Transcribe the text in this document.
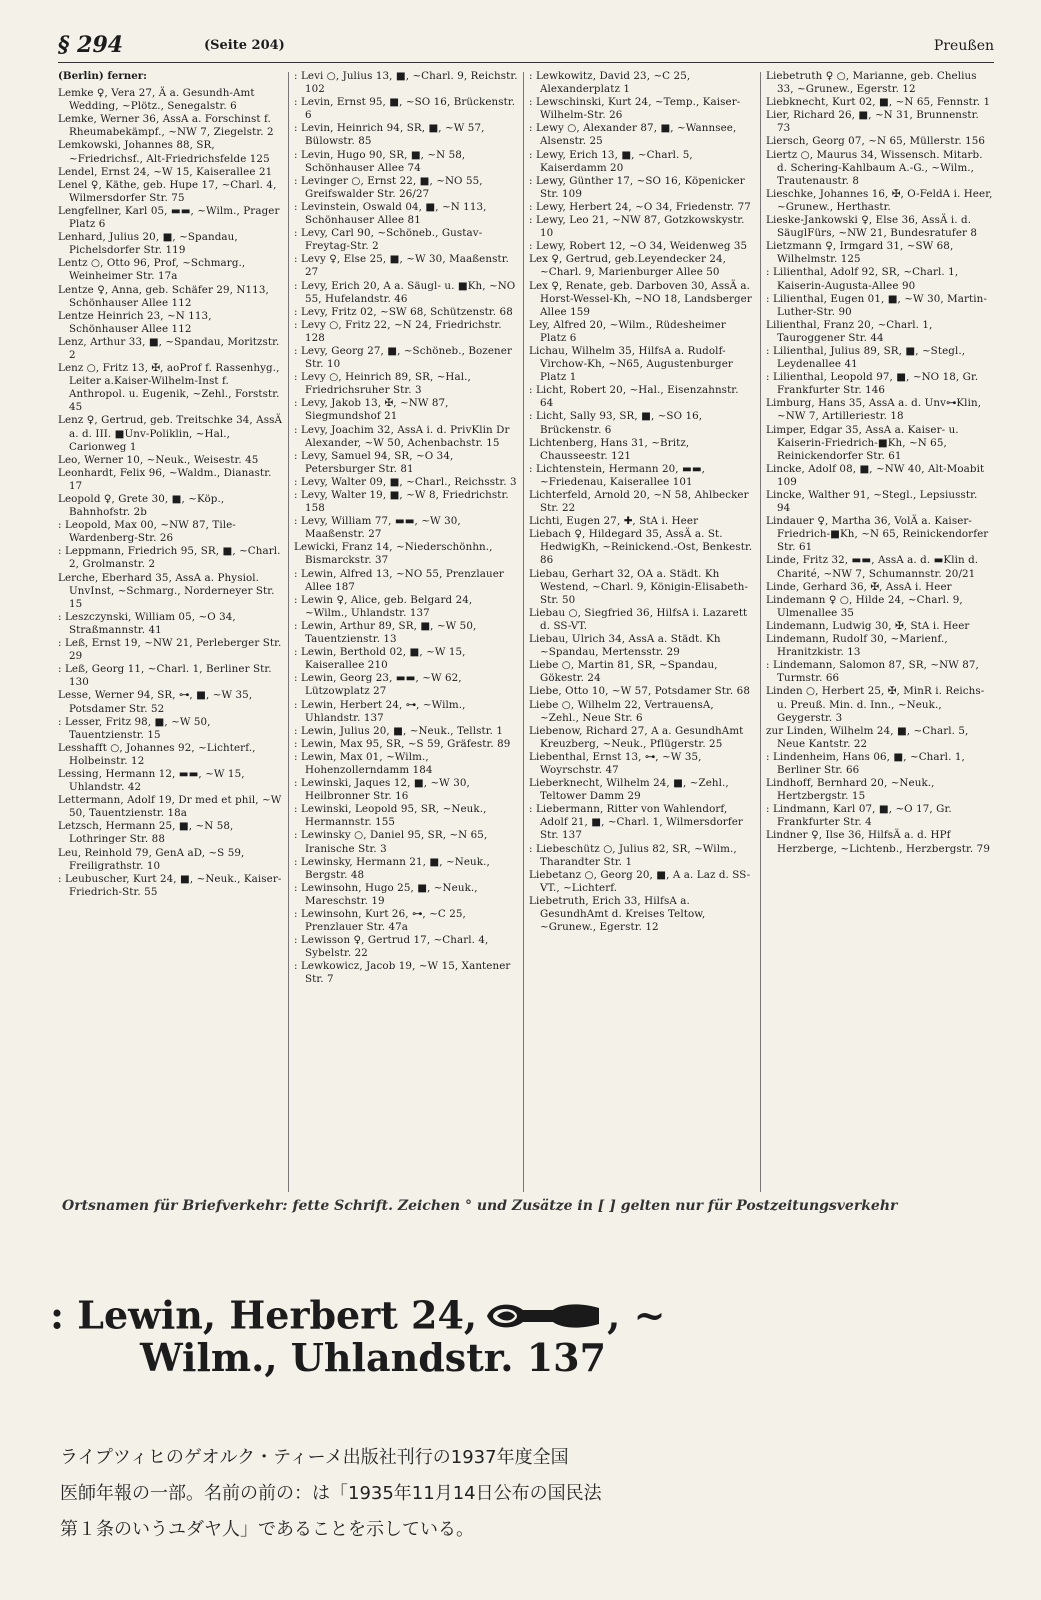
§ 294	(Seite 204)	Preußen
(Berlin) ferner:

Lemke ♀, Vera 27, Ä a. Gesundh-Amt Wedding, ~Plötz., Senegalstr. 6

Lemke, Werner 36, AssA a. Forschinst f. Rheumabekämpf., ~NW 7, Ziegelstr. 2

Lemkowski, Johannes 88, SR, ~Friedrichsf., Alt-Friedrichsfelde 125

Lendel, Ernst 24, ~W 15, Kaiserallee 21

Lenel ♀, Käthe, geb. Hupe 17, ~Charl. 4, Wilmersdorfer Str. 75

Lengfellner, Karl 05, ▬▬, ~Wilm., Prager Platz 6

Lenhard, Julius 20, ■, ~Spandau, Pichelsdorfer Str. 119

Lentz ○, Otto 96, Prof, ~Schmarg., Weinheimer Str. 17a

Lentze ♀, Anna, geb. Schäfer 29, N113, Schönhauser Allee 112

Lentze Heinrich 23, ~N 113, Schönhauser Allee 112

Lenz, Arthur 33, ■, ~Spandau, Moritzstr. 2

Lenz ○, Fritz 13, ✠, aoProf f. Rassenhyg., Leiter a.Kaiser-Wilhelm-Inst f. Anthropol. u. Eugenik, ~Zehl., Forststr. 45

Lenz ♀, Gertrud, geb. Treitschke 34, AssÄ a. d. III. ■Unv-Poliklin, ~Hal., Carionweg 1

Leo, Werner 10, ~Neuk., Weisestr. 45

Leonhardt, Felix 96, ~Waldm., Dianastr. 17

Leopold ♀, Grete 30, ■, ~Köp., Bahnhofstr. 2b

: Leopold, Max 00, ~NW 87, Tile-Wardenberg-Str. 26

: Leppmann, Friedrich 95, SR, ■, ~Charl. 2, Grolmanstr. 2

Lerche, Eberhard 35, AssA a. Physiol. UnvInst, ~Schmarg., Norderneyer Str. 15

: Leszczynski, William 05, ~O 34, Straßmannstr. 41

: Leß, Ernst 19, ~NW 21, Perleberger Str. 29

: Leß, Georg 11, ~Charl. 1, Berliner Str. 130

Lesse, Werner 94, SR, ⊶, ■, ~W 35, Potsdamer Str. 52

: Lesser, Fritz 98, ■, ~W 50, Tauentzienstr. 15

Lesshafft ○, Johannes 92, ~Lichterf., Holbeinstr. 12

Lessing, Hermann 12, ▬▬, ~W 15, Uhlandstr. 42

Lettermann, Adolf 19, Dr med et phil, ~W 50, Tauentzienstr. 18a

Letzsch, Hermann 25, ■, ~N 58, Lothringer Str. 88

Leu, Reinhold 79, GenA aD, ~S 59, Freiligrathstr. 10

: Leubuscher, Kurt 24, ■, ~Neuk., Kaiser-Friedrich-Str. 55

: Levi ○, Julius 13, ■, ~Charl. 9, Reichstr. 102

: Levin, Ernst 95, ■, ~SO 16, Brückenstr. 6

: Levin, Heinrich 94, SR, ■, ~W 57, Bülowstr. 85

: Levin, Hugo 90, SR, ■, ~N 58, Schönhauser Allee 74

: Levinger ○, Ernst 22, ■, ~NO 55, Greifswalder Str. 26/27

: Levinstein, Oswald 04, ■, ~N 113, Schönhauser Allee 81

: Levy, Carl 90, ~Schöneb., Gustav-Freytag-Str. 2

: Levy ♀, Else 25, ■, ~W 30, Maaßenstr. 27

: Levy, Erich 20, A a. Säugl- u. ■Kh, ~NO 55, Hufelandstr. 46

: Levy, Fritz 02, ~SW 68, Schützenstr. 68

: Levy ○, Fritz 22, ~N 24, Friedrichstr. 128

: Levy, Georg 27, ■, ~Schöneb., Bozener Str. 10

: Levy ○, Heinrich 89, SR, ~Hal., Friedrichsruher Str. 3

: Levy, Jakob 13, ✠, ~NW 87, Siegmundshof 21

: Levy, Joachim 32, AssA i. d. PrivKlin Dr Alexander, ~W 50, Achenbachstr. 15

: Levy, Samuel 94, SR, ~O 34, Petersburger Str. 81

: Levy, Walter 09, ■, ~Charl., Reichsstr. 3

: Levy, Walter 19, ■, ~W 8, Friedrichstr. 158

: Levy, William 77, ▬▬, ~W 30, Maaßenstr. 27

Lewicki, Franz 14, ~Niederschönhn., Bismarckstr. 37

: Lewin, Alfred 13, ~NO 55, Prenzlauer Allee 187

: Lewin ♀, Alice, geb. Belgard 24, ~Wilm., Uhlandstr. 137

: Lewin, Arthur 89, SR, ■, ~W 50, Tauentzienstr. 13

: Lewin, Berthold 02, ■, ~W 15, Kaiserallee 210

: Lewin, Georg 23, ▬▬, ~W 62, Lützowplatz 27

: Lewin, Herbert 24, ⊶, ~Wilm., Uhlandstr. 137

: Lewin, Julius 20, ■, ~Neuk., Tellstr. 1

: Lewin, Max 95, SR, ~S 59, Gräfestr. 89

: Lewin, Max 01, ~Wilm., Hohenzollerndamm 184

: Lewinski, Jaques 12, ■, ~W 30, Heilbronner Str. 16

: Lewinski, Leopold 95, SR, ~Neuk., Hermannstr. 155

: Lewinsky ○, Daniel 95, SR, ~N 65, Iranische Str. 3

: Lewinsky, Hermann 21, ■, ~Neuk., Bergstr. 48

: Lewinsohn, Hugo 25, ■, ~Neuk., Mareschstr. 19

: Lewinsohn, Kurt 26, ⊶, ~C 25, Prenzlauer Str. 47a

: Lewisson ♀, Gertrud 17, ~Charl. 4, Sybelstr. 22

: Lewkowicz, Jacob 19, ~W 15, Xantener Str. 7

: Lewkowitz, David 23, ~C 25, Alexanderplatz 1

: Lewschinski, Kurt 24, ~Temp., Kaiser-Wilhelm-Str. 26

: Lewy ○, Alexander 87, ■, ~Wannsee, Alsenstr. 25

: Lewy, Erich 13, ■, ~Charl. 5, Kaiserdamm 20

: Lewy, Günther 17, ~SO 16, Köpenicker Str. 109

: Lewy, Herbert 24, ~O 34, Friedenstr. 77

: Lewy, Leo 21, ~NW 87, Gotzkowskystr. 10

: Lewy, Robert 12, ~O 34, Weidenweg 35

Lex ♀, Gertrud, geb.Leyendecker 24, ~Charl. 9, Marienburger Allee 50

Lex ♀, Renate, geb. Darboven 30, AssÄ a. Horst-Wessel-Kh, ~NO 18, Landsberger Allee 159

Ley, Alfred 20, ~Wilm., Rüdesheimer Platz 6

Lichau, Wilhelm 35, HilfsA a. Rudolf-Virchow-Kh, ~N65, Augustenburger Platz 1

: Licht, Robert 20, ~Hal., Eisenzahnstr. 64

: Licht, Sally 93, SR, ■, ~SO 16, Brückenstr. 6

Lichtenberg, Hans 31, ~Britz, Chausseestr. 121

: Lichtenstein, Hermann 20, ▬▬, ~Friedenau, Kaiserallee 101

Lichterfeld, Arnold 20, ~N 58, Ahlbecker Str. 22

Lichti, Eugen 27, ✚, StA i. Heer

Liebach ♀, Hildegard 35, AssÄ a. St. HedwigKh, ~Reinickend.-Ost, Benkestr. 86

Liebau, Gerhart 32, OA a. Städt. Kh Westend, ~Charl. 9, Königin-Elisabeth-Str. 50

Liebau ○, Siegfried 36, HilfsA i. Lazarett d. SS-VT.

Liebau, Ulrich 34, AssA a. Städt. Kh ~Spandau, Mertensstr. 29

Liebe ○, Martin 81, SR, ~Spandau, Gökestr. 24

Liebe, Otto 10, ~W 57, Potsdamer Str. 68

Liebe ○, Wilhelm 22, VertrauensA, ~Zehl., Neue Str. 6

Liebenow, Richard 27, A a. GesundhAmt Kreuzberg, ~Neuk., Pflügerstr. 25

Liebenthal, Ernst 13, ⊶, ~W 35, Woyrschstr. 47

Lieberknecht, Wilhelm 24, ■, ~Zehl., Teltower Damm 29

: Liebermann, Ritter von Wahlendorf, Adolf 21, ■, ~Charl. 1, Wilmersdorfer Str. 137

: Liebeschütz ○, Julius 82, SR, ~Wilm., Tharandter Str. 1

Liebetanz ○, Georg 20, ■, A a. Laz d. SS-VT., ~Lichterf.

Liebetruth, Erich 33, HilfsA a. GesundhAmt d. Kreises Teltow, ~Grunew., Egerstr. 12

Liebetruth ♀ ○, Marianne, geb. Chelius 33, ~Grunew., Egerstr. 12

Liebknecht, Kurt 02, ■, ~N 65, Fennstr. 1

Lier, Richard 26, ■, ~N 31, Brunnenstr. 73

Liersch, Georg 07, ~N 65, Müllerstr. 156

Liertz ○, Maurus 34, Wissensch. Mitarb. d. Schering-Kahlbaum A.-G., ~Wilm., Trautenaustr. 8

Lieschke, Johannes 16, ✠, O-FeldA i. Heer, ~Grunew., Herthastr.

Lieske-Jankowski ♀, Else 36, AssÄ i. d. SäuglFürs, ~NW 21, Bundesratufer 8

Lietzmann ♀, Irmgard 31, ~SW 68, Wilhelmstr. 125

: Lilienthal, Adolf 92, SR, ~Charl. 1, Kaiserin-Augusta-Allee 90

: Lilienthal, Eugen 01, ■, ~W 30, Martin-Luther-Str. 90

Lilienthal, Franz 20, ~Charl. 1, Tauroggener Str. 44

: Lilienthal, Julius 89, SR, ■, ~Stegl., Leydenallee 41

: Lilienthal, Leopold 97, ■, ~NO 18, Gr. Frankfurter Str. 146

Limburg, Hans 35, AssA a. d. Unv⊶Klin, ~NW 7, Artilleriestr. 18

Limper, Edgar 35, AssA a. Kaiser- u. Kaiserin-Friedrich-■Kh, ~N 65, Reinickendorfer Str. 61

Lincke, Adolf 08, ■, ~NW 40, Alt-Moabit 109

Lincke, Walther 91, ~Stegl., Lepsiusstr. 94

Lindauer ♀, Martha 36, VolÄ a. Kaiser-Friedrich-■Kh, ~N 65, Reinickendorfer Str. 61

Linde, Fritz 32, ▬▬, AssA a. d. ▬Klin d. Charité, ~NW 7, Schumannstr. 20/21

Linde, Gerhard 36, ✠, AssA i. Heer

Lindemann ♀ ○, Hilde 24, ~Charl. 9, Ulmenallee 35

Lindemann, Ludwig 30, ✠, StA i. Heer

Lindemann, Rudolf 30, ~Marienf., Hranitzkistr. 13

: Lindemann, Salomon 87, SR, ~NW 87, Turmstr. 66

Linden ○, Herbert 25, ✠, MinR i. Reichs- u. Preuß. Min. d. Inn., ~Neuk., Geygerstr. 3

zur Linden, Wilhelm 24, ■, ~Charl. 5, Neue Kantstr. 22

: Lindenheim, Hans 06, ■, ~Charl. 1, Berliner Str. 66

Lindhoff, Bernhard 20, ~Neuk., Hertzbergstr. 15

: Lindmann, Karl 07, ■, ~O 17, Gr. Frankfurter Str. 4

Lindner ♀, Ilse 36, HilfsÄ a. d. HPf Herzberge, ~Lichtenb., Herzbergstr. 79

Ortsnamen für Briefverkehr: fette Schrift. Zeichen ° und Zusätze in [ ] gelten nur für Postzeitungsverkehr
: Lewin, Herbert 24,	, ~
Wilm., Uhlandstr. 137
ライプツィヒのゲオルク・ティーメ出版社刊行の1937年度全国
医師年報の一部。名前の前の：は「1935年11月14日公布の国民法
第１条のいうユダヤ人」であることを示している。
